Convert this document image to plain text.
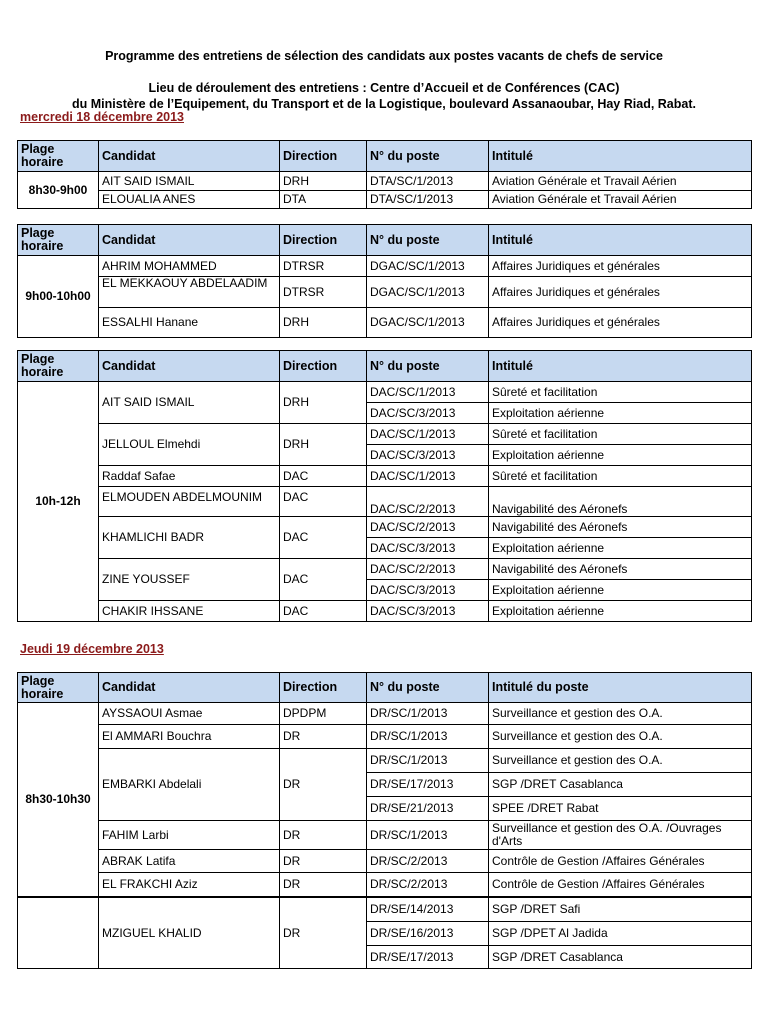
Programme des entretiens de sélection des candidats aux postes vacants de chefs de service
Lieu de déroulement des entretiens : Centre d’Accueil et de Conférences (CAC)
du Ministère de l’Equipement, du Transport et de la Logistique, boulevard Assanaoubar, Hay Riad, Rabat.
mercredi 18 décembre 2013
Plage horaire	Candidat	Direction	N° du poste	Intitulé
8h30-9h00	AIT SAID ISMAIL	DRH	DTA/SC/1/2013	Aviation Générale et Travail Aérien
	ELOUALIA ANES	DTA	DTA/SC/1/2013	Aviation Générale et Travail Aérien
Plage horaire	Candidat	Direction	N° du poste	Intitulé
9h00-10h00	AHRIM MOHAMMED	DTRSR	DGAC/SC/1/2013	Affaires Juridiques et générales
	EL MEKKAOUY ABDELAADIM	DTRSR	DGAC/SC/1/2013	Affaires Juridiques et générales
	ESSALHI Hanane	DRH	DGAC/SC/1/2013	Affaires Juridiques et générales
Plage horaire	Candidat	Direction	N° du poste	Intitulé
10h-12h	AIT SAID ISMAIL	DRH	DAC/SC/1/2013	Sûreté et facilitation
			DAC/SC/3/2013	Exploitation aérienne
	JELLOUL Elmehdi	DRH	DAC/SC/1/2013	Sûreté et facilitation
			DAC/SC/3/2013	Exploitation aérienne
	Raddaf Safae	DAC	DAC/SC/1/2013	Sûreté et facilitation
	ELMOUDEN ABDELMOUNIM	DAC	DAC/SC/2/2013	Navigabilité des Aéronefs
	KHAMLICHI BADR	DAC	DAC/SC/2/2013	Navigabilité des Aéronefs
			DAC/SC/3/2013	Exploitation aérienne
	ZINE YOUSSEF	DAC	DAC/SC/2/2013	Navigabilité des Aéronefs
			DAC/SC/3/2013	Exploitation aérienne
	CHAKIR IHSSANE	DAC	DAC/SC/3/2013	Exploitation aérienne
Jeudi 19 décembre 2013
Plage horaire	Candidat	Direction	N° du poste	Intitulé du poste
8h30-10h30	AYSSAOUI Asmae	DPDPM	DR/SC/1/2013	Surveillance et gestion des O.A.
	El AMMARI Bouchra	DR	DR/SC/1/2013	Surveillance et gestion des O.A.
	EMBARKI Abdelali	DR	DR/SC/1/2013	Surveillance et gestion des O.A.
			DR/SE/17/2013	SGP /DRET Casablanca
			DR/SE/21/2013	SPEE /DRET Rabat
	FAHIM Larbi	DR	DR/SC/1/2013	Surveillance et gestion des O.A. /Ouvrages d'Arts
	ABRAK Latifa	DR	DR/SC/2/2013	Contrôle de Gestion /Affaires Générales
	EL FRAKCHI Aziz	DR	DR/SC/2/2013	Contrôle de Gestion /Affaires Générales
	MZIGUEL KHALID	DR	DR/SE/14/2013	SGP /DRET Safi
			DR/SE/16/2013	SGP /DPET Al Jadida
			DR/SE/17/2013	SGP /DRET Casablanca
